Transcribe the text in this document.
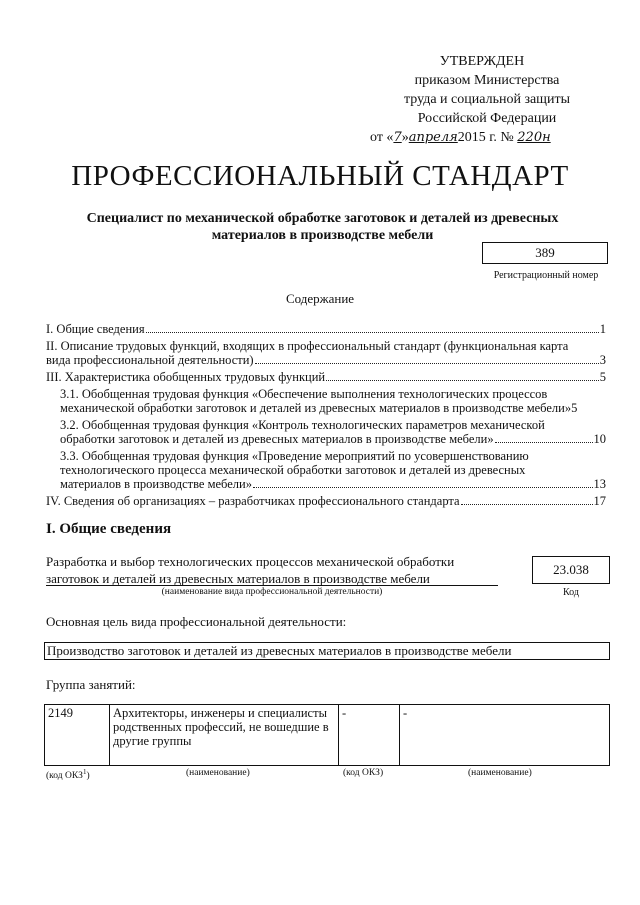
УТВЕРЖДЕН
приказом Министерства
труда и социальной защиты
Российской Федерации
от «7»апреля2015 г. № 220н
ПРОФЕССИОНАЛЬНЫЙ СТАНДАРТ
Специалист по механической обработке заготовок и деталей из древесных
материалов в производстве мебели
389
Регистрационный номер
Содержание
I. Общие сведения	1
II. Описание трудовых функций, входящих в профессиональный стандарт (функциональная карта
вида профессиональной деятельности)	3
III. Характеристика обобщенных трудовых функций	5
3.1. Обобщенная трудовая функция «Обеспечение выполнения технологических процессов
механической обработки заготовок и деталей из древесных материалов в производстве мебели» 5
3.2. Обобщенная трудовая функция «Контроль технологических параметров механической
обработки заготовок и деталей из древесных материалов в производстве мебели»	10
3.3. Обобщенная трудовая функция «Проведение мероприятий по усовершенствованию
технологического процесса механической обработки заготовок и деталей из древесных
материалов в производстве мебели»	13
IV. Сведения об организациях – разработчиках профессионального стандарта	17
I. Общие сведения
Разработка и выбор технологических процессов механической обработки
заготовок и деталей из древесных материалов в производстве мебели
(наименование вида профессиональной деятельности)
23.038
Код
Основная цель вида профессиональной деятельности:
Производство заготовок и деталей из древесных материалов в производстве мебели
Группа занятий:
2149	Архитекторы, инженеры и специалисты родственных профессий, не вошедшие в другие группы	-	-
(код ОКЗ$^1$)	(наименование)	(код ОКЗ)	(наименование)
